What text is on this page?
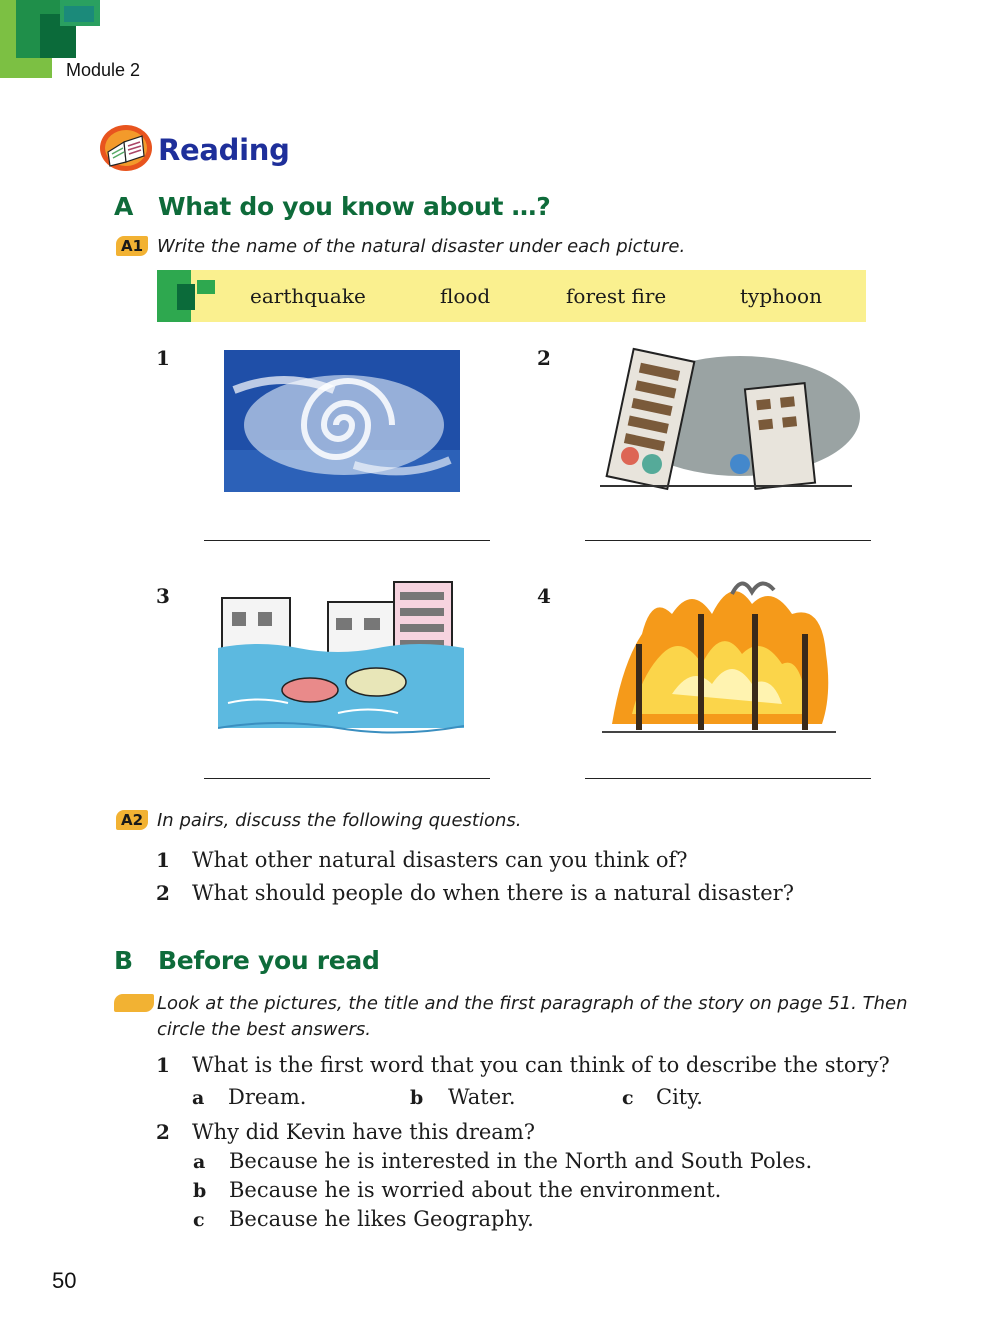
Module 2
Reading
A What do you know about …?
A1 Write the name of the natural disaster under each picture.
earthquake	flood	forest fire	typhoon
1	2
3	4
A2 In pairs, discuss the following questions.
1 What other natural disasters can you think of?
2 What should people do when there is a natural disaster?
B Before you read
Look at the pictures, the title and the first paragraph of the story on page 51. Then
circle the best answers.
1 What is the first word that you can think of to describe the story?
a Dream.	b Water.	c City.
2 Why did Kevin have this dream?
a Because he is interested in the North and South Poles.
b Because he is worried about the environment.
c Because he likes Geography.
50
